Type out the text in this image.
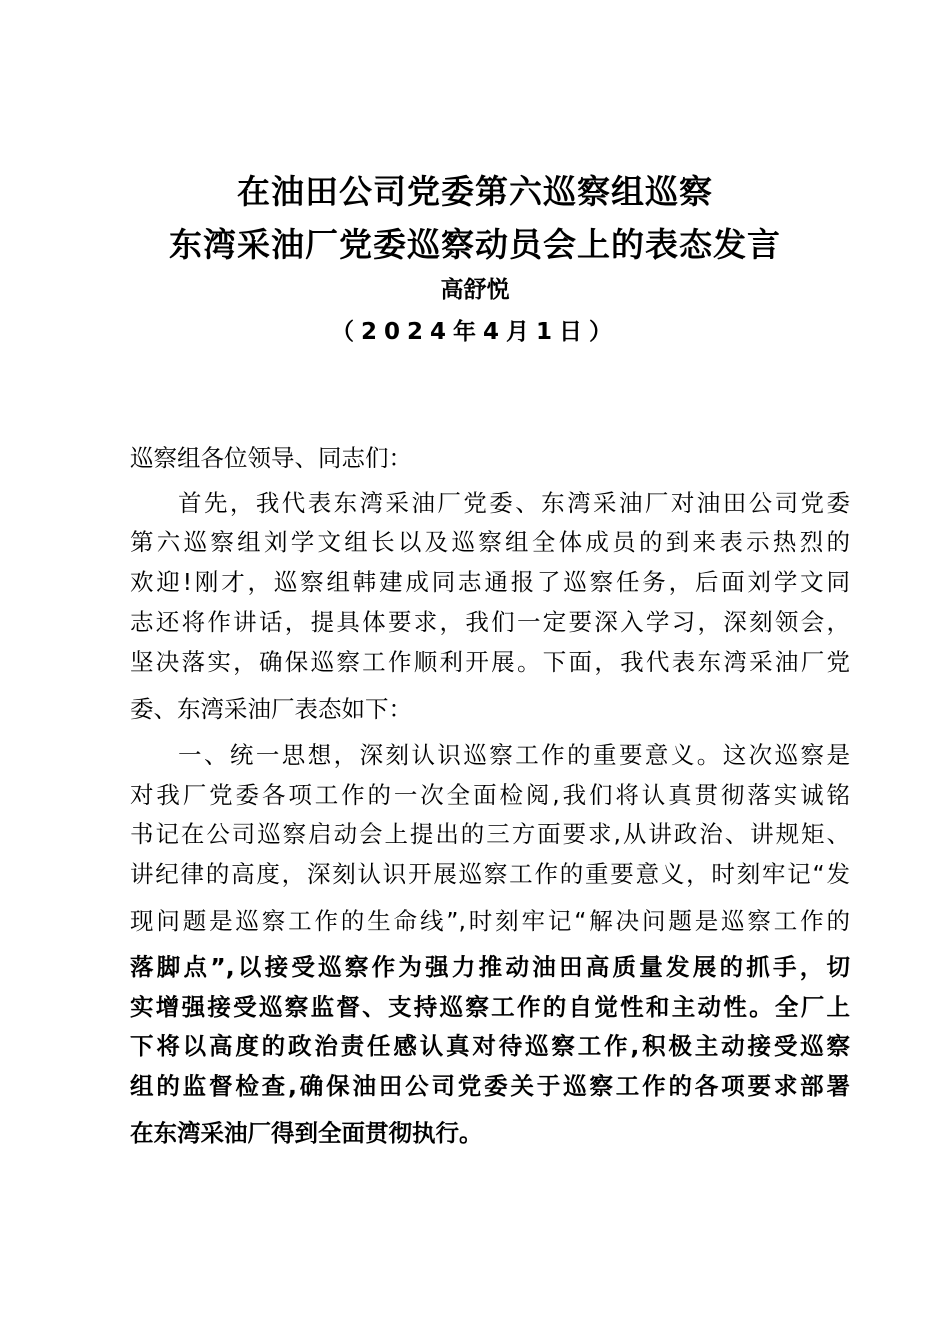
在油田公司党委第六巡察组巡察
东湾采油厂党委巡察动员会上的表态发言
高舒悦
（2024年4月1日）
巡察组各位领导、同志们：
首先，我代表东湾采油厂党委、东湾采油厂对油田公司党委
第六巡察组刘学文组长以及巡察组全体成员的到来表示热烈的
欢迎!刚才，巡察组韩建成同志通报了巡察任务，后面刘学文同
志还将作讲话，提具体要求，我们一定要深入学习，深刻领会，
坚决落实，确保巡察工作顺利开展。下面，我代表东湾采油厂党
委、东湾采油厂表态如下：
一、统一思想，深刻认识巡察工作的重要意义。这次巡察是
对我厂党委各项工作的一次全面检阅,我们将认真贯彻落实诚铭
书记在公司巡察启动会上提出的三方面要求,从讲政治、讲规矩、
讲纪律的高度，深刻认识开展巡察工作的重要意义，时刻牢记“发
现问题是巡察工作的生命线”,时刻牢记“解决问题是巡察工作的
落脚点”,以接受巡察作为强力推动油田高质量发展的抓手，切
实增强接受巡察监督、支持巡察工作的自觉性和主动性。全厂上
下将以高度的政治责任感认真对待巡察工作,积极主动接受巡察
组的监督检查,确保油田公司党委关于巡察工作的各项要求部署
在东湾采油厂得到全面贯彻执行。
